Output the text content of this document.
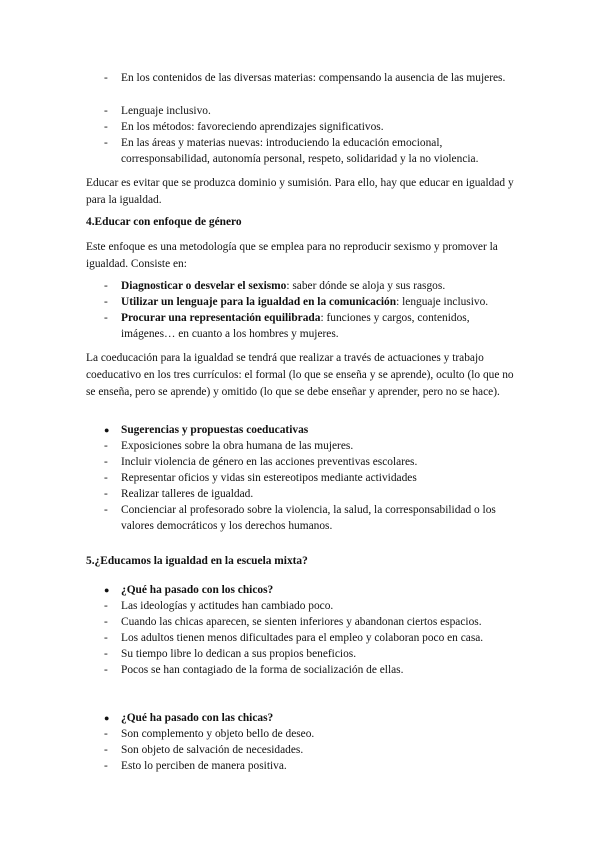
- En los contenidos de las diversas materias: compensando la ausencia de las mujeres.
- Lenguaje inclusivo.
- En los métodos: favoreciendo aprendizajes significativos.
- En las áreas y materias nuevas: introduciendo la educación emocional, corresponsabilidad, autonomía personal, respeto, solidaridad y la no violencia.
Educar es evitar que se produzca dominio y sumisión. Para ello, hay que educar en igualdad y para la igualdad.
4.Educar con enfoque de género
Este enfoque es una metodología que se emplea para no reproducir sexismo y promover la igualdad. Consiste en:
- Diagnosticar o desvelar el sexismo: saber dónde se aloja y sus rasgos.
- Utilizar un lenguaje para la igualdad en la comunicación: lenguaje inclusivo.
- Procurar una representación equilibrada: funciones y cargos, contenidos, imágenes… en cuanto a los hombres y mujeres.
La coeducación para la igualdad se tendrá que realizar a través de actuaciones y trabajo coeducativo en los tres currículos: el formal (lo que se enseña y se aprende), oculto (lo que no se enseña, pero se aprende) y omitido (lo que se debe enseñar y aprender, pero no se hace).
● Sugerencias y propuestas coeducativas
- Exposiciones sobre la obra humana de las mujeres.
- Incluir violencia de género en las acciones preventivas escolares.
- Representar oficios y vidas sin estereotipos mediante actividades
- Realizar talleres de igualdad.
- Concienciar al profesorado sobre la violencia, la salud, la corresponsabilidad o los valores democráticos y los derechos humanos.
5.¿Educamos la igualdad en la escuela mixta?
● ¿Qué ha pasado con los chicos?
- Las ideologías y actitudes han cambiado poco.
- Cuando las chicas aparecen, se sienten inferiores y abandonan ciertos espacios.
- Los adultos tienen menos dificultades para el empleo y colaboran poco en casa.
- Su tiempo libre lo dedican a sus propios beneficios.
- Pocos se han contagiado de la forma de socialización de ellas.
● ¿Qué ha pasado con las chicas?
- Son complemento y objeto bello de deseo.
- Son objeto de salvación de necesidades.
- Esto lo perciben de manera positiva.
